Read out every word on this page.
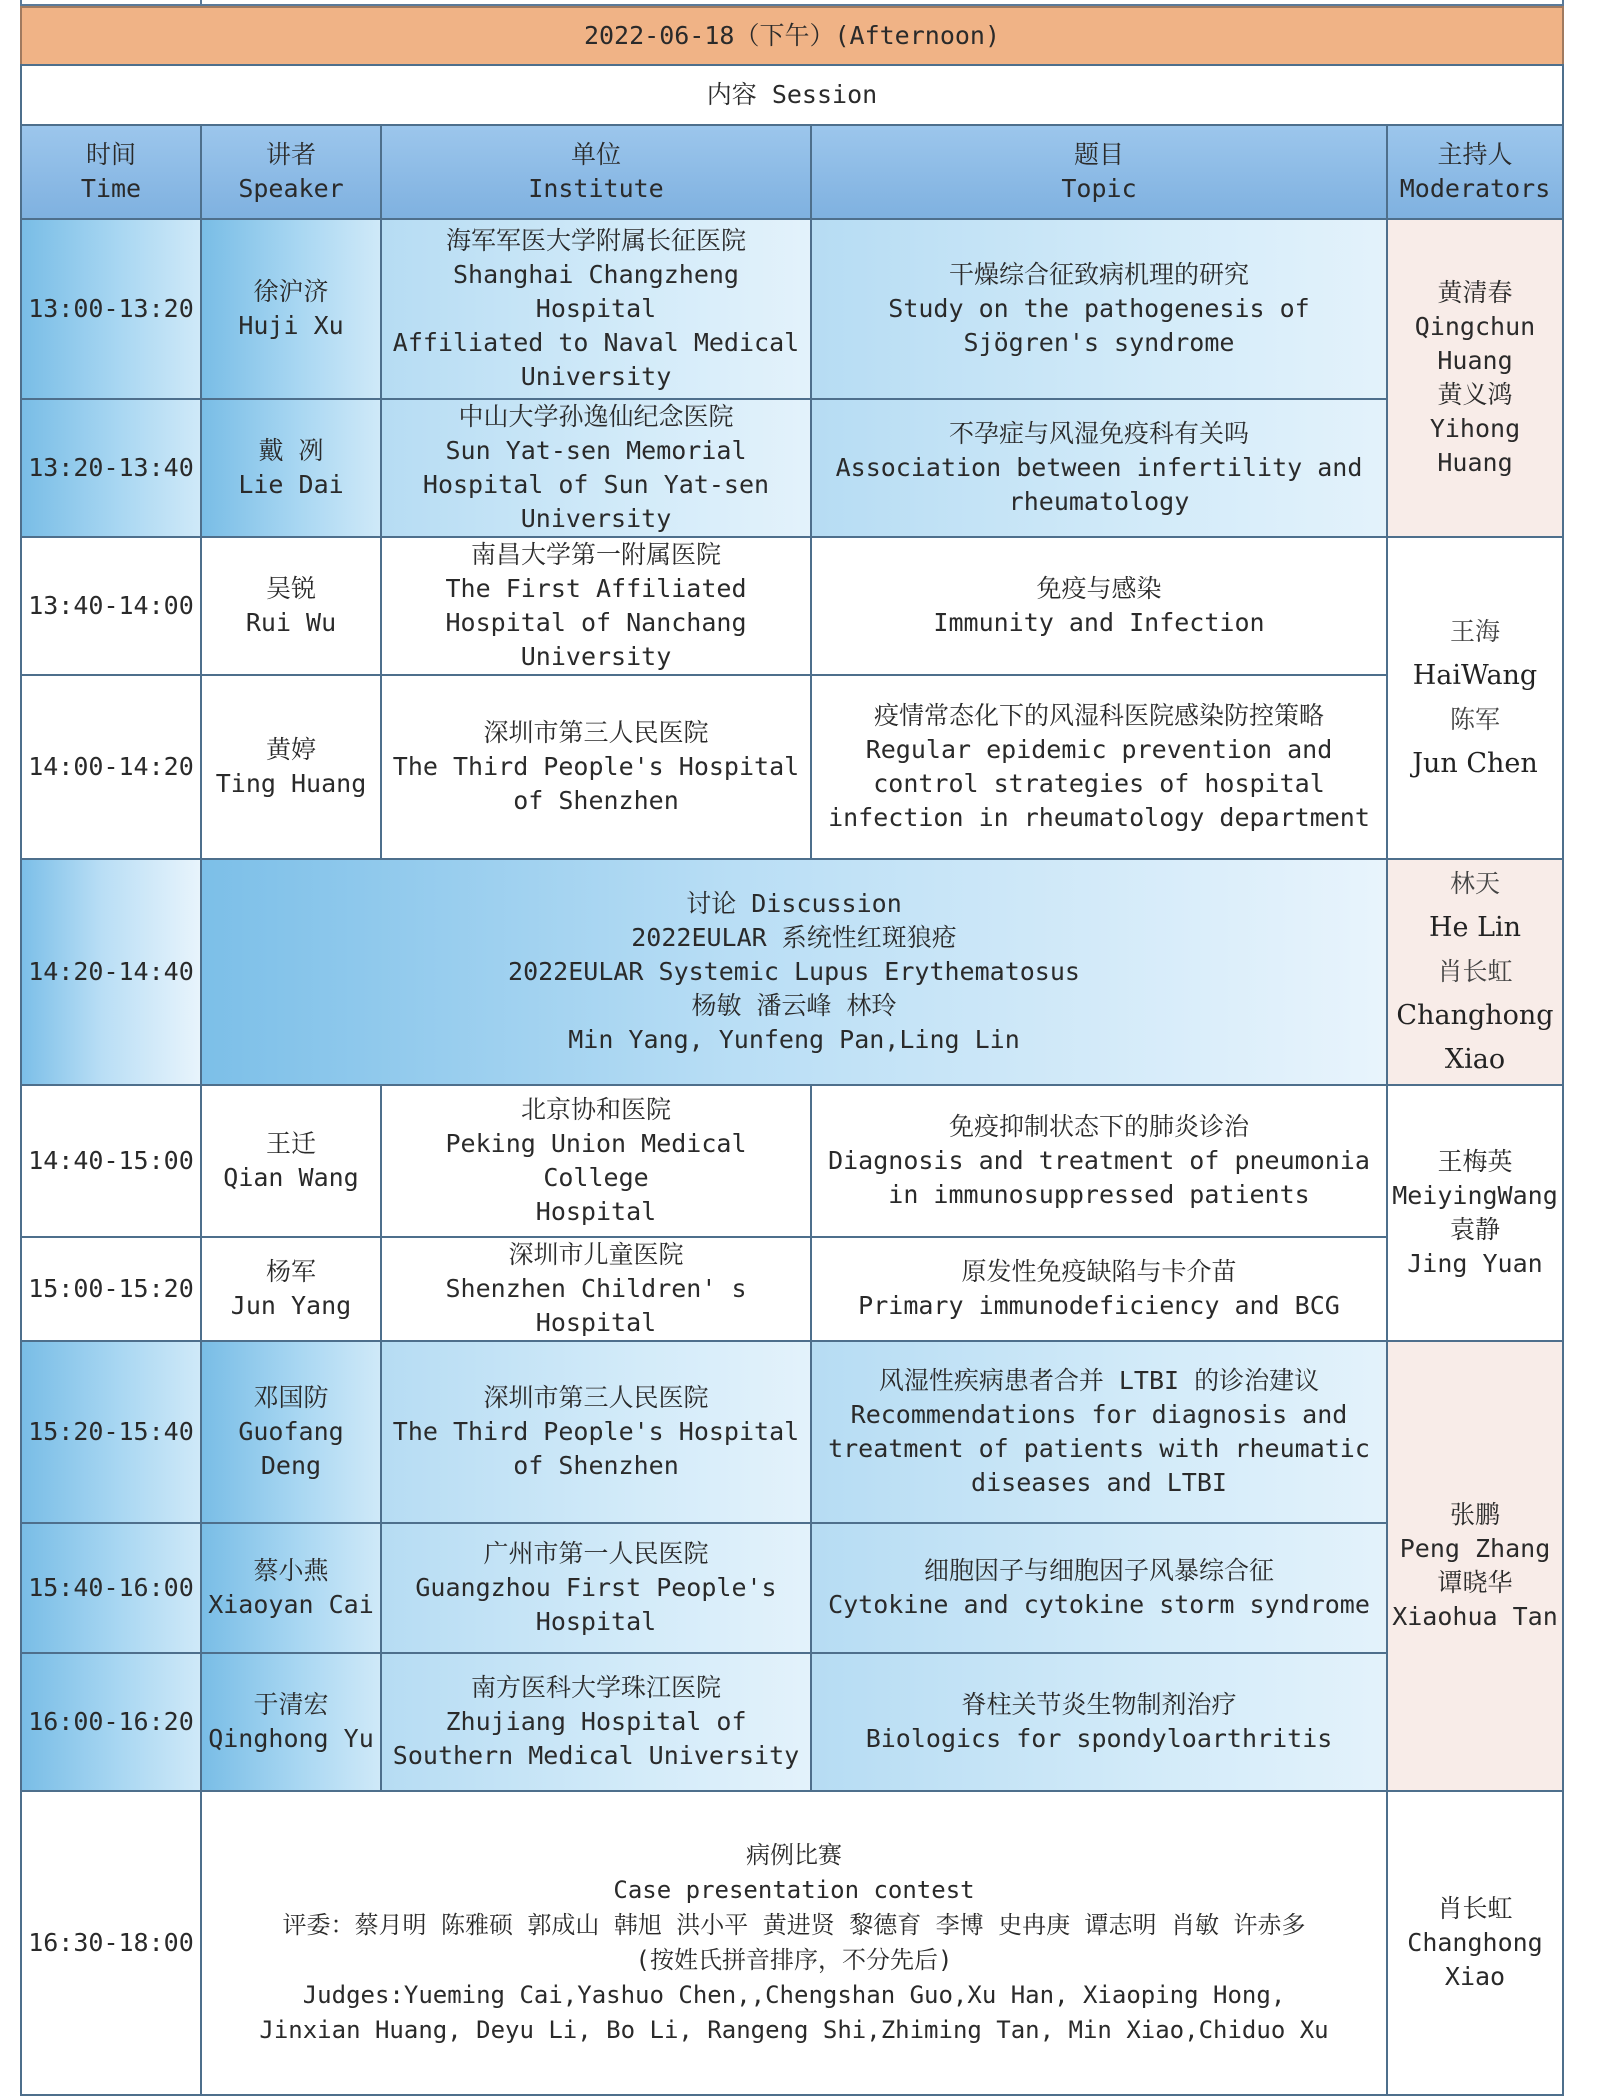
2022-06-18（下午）(Afternoon)
内容 Session
时间
Time
讲者
Speaker
单位
Institute
题目
Topic
主持人
Moderators
13:00-13:20
徐沪济
Huji Xu
海军军医大学附属长征医院
Shanghai Changzheng Hospital
Affiliated to Naval Medical
University
干燥综合征致病机理的研究
Study on the pathogenesis of
Sjögren's syndrome
13:20-13:40
戴 冽
Lie Dai
中山大学孙逸仙纪念医院
Sun Yat-sen Memorial
Hospital of Sun Yat-sen
University
不孕症与风湿免疫科有关吗
Association between infertility and
rheumatology
黄清春
Qingchun
Huang
黄义鸿
Yihong
Huang
13:40-14:00
吴锐
Rui Wu
南昌大学第一附属医院
The First Affiliated
Hospital of Nanchang
University
免疫与感染
Immunity and Infection
14:00-14:20
黄婷
Ting Huang
深圳市第三人民医院
The Third People's Hospital
of Shenzhen
疫情常态化下的风湿科医院感染防控策略
Regular epidemic prevention and
control strategies of hospital
infection in rheumatology department
王海
HaiWang
陈军
Jun Chen
14:20-14:40
讨论 Discussion
2022EULAR 系统性红斑狼疮
2022EULAR Systemic Lupus Erythematosus
杨敏 潘云峰 林玲
Min Yang, Yunfeng Pan,Ling Lin
林天
He Lin
肖长虹
Changhong
Xiao
14:40-15:00
王迁
Qian Wang
北京协和医院
Peking Union Medical College
Hospital
免疫抑制状态下的肺炎诊治
Diagnosis and treatment of pneumonia
in immunosuppressed patients
15:00-15:20
杨军
Jun Yang
深圳市儿童医院
Shenzhen Children' s
Hospital
原发性免疫缺陷与卡介苗
Primary immunodeficiency and BCG
王梅英
MeiyingWang
袁静
Jing Yuan
15:20-15:40
邓国防
Guofang
Deng
深圳市第三人民医院
The Third People's Hospital
of Shenzhen
风湿性疾病患者合并 LTBI 的诊治建议
Recommendations for diagnosis and
treatment of patients with rheumatic
diseases and LTBI
15:40-16:00
蔡小燕
Xiaoyan Cai
广州市第一人民医院
Guangzhou First People's
Hospital
细胞因子与细胞因子风暴综合征
Cytokine and cytokine storm syndrome
16:00-16:20
于清宏
Qinghong Yu
南方医科大学珠江医院
Zhujiang Hospital of
Southern Medical University
脊柱关节炎生物制剂治疗
Biologics for spondyloarthritis
张鹏
Peng Zhang
谭晓华
Xiaohua Tan
16:30-18:00
病例比赛
Case presentation contest
评委：蔡月明 陈雅硕 郭成山 韩旭 洪小平 黄进贤 黎德育 李博 史冉庚 谭志明 肖敏 许赤多
(按姓氏拼音排序，不分先后)
Judges:Yueming Cai,Yashuo Chen,,Chengshan Guo,Xu Han, Xiaoping Hong,
Jinxian Huang, Deyu Li, Bo Li, Rangeng Shi,Zhiming Tan, Min Xiao,Chiduo Xu
肖长虹
Changhong
Xiao
